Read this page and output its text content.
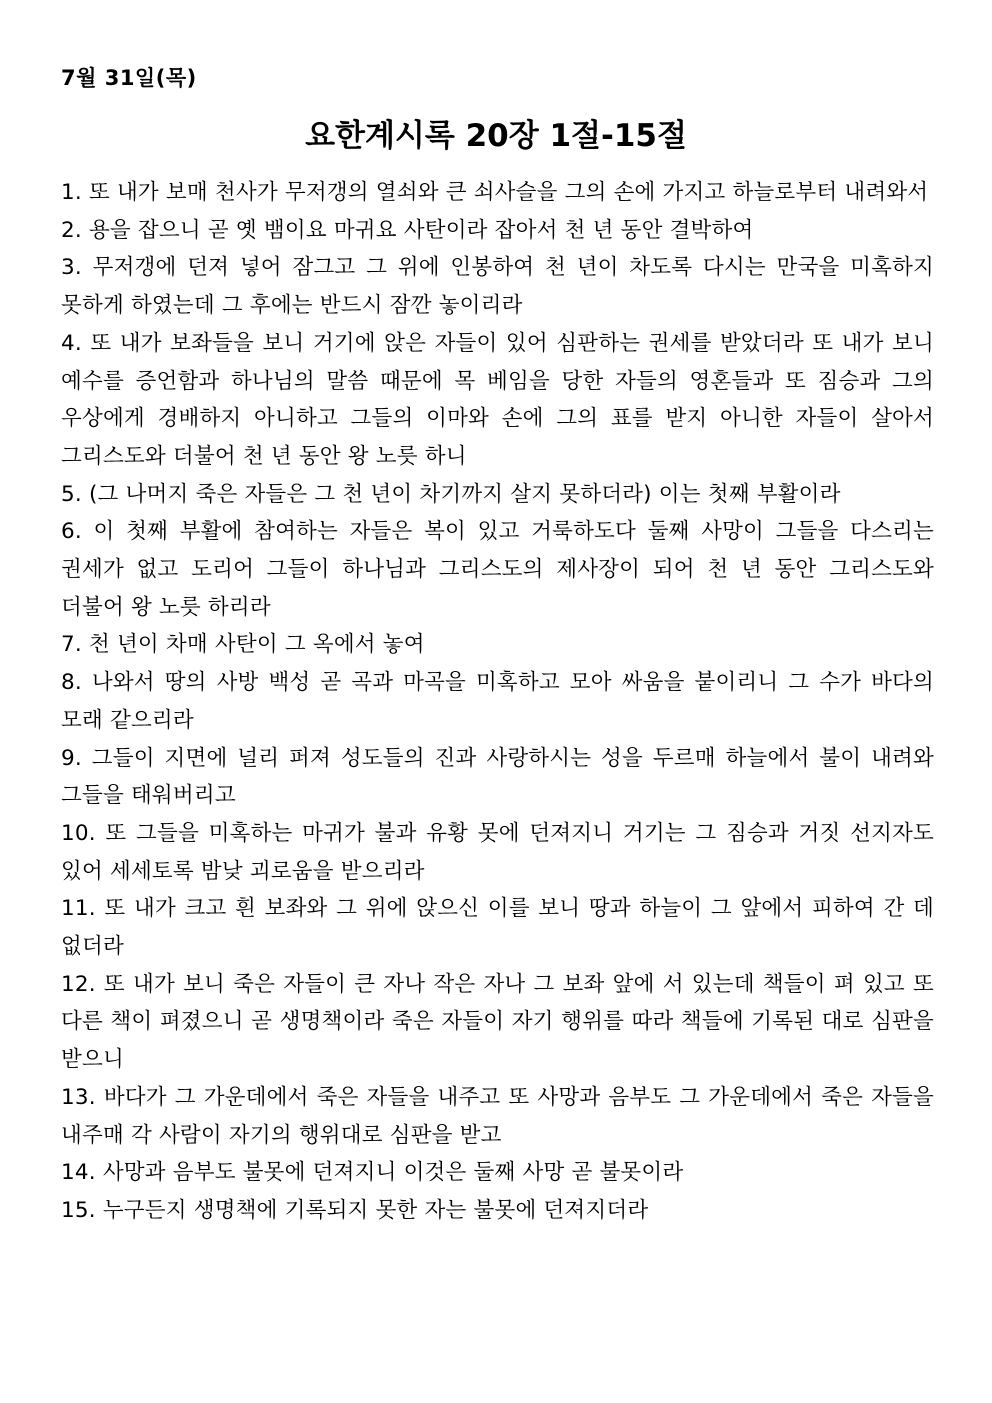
7월 31일(목)
요한계시록 20장 1절-15절
1. 또 내가 보매 천사가 무저갱의 열쇠와 큰 쇠사슬을 그의 손에 가지고 하늘로부터 내려와서
2. 용을 잡으니 곧 옛 뱀이요 마귀요 사탄이라 잡아서 천 년 동안 결박하여
3. 무저갱에 던져 넣어 잠그고 그 위에 인봉하여 천 년이 차도록 다시는 만국을 미혹하지 못하게 하였는데 그 후에는 반드시 잠깐 놓이리라
4. 또 내가 보좌들을 보니 거기에 앉은 자들이 있어 심판하는 권세를 받았더라 또 내가 보니 예수를 증언함과 하나님의 말씀 때문에 목 베임을 당한 자들의 영혼들과 또 짐승과 그의 우상에게 경배하지 아니하고 그들의 이마와 손에 그의 표를 받지 아니한 자들이 살아서 그리스도와 더불어 천 년 동안 왕 노릇 하니
5. (그 나머지 죽은 자들은 그 천 년이 차기까지 살지 못하더라) 이는 첫째 부활이라
6. 이 첫째 부활에 참여하는 자들은 복이 있고 거룩하도다 둘째 사망이 그들을 다스리는 권세가 없고 도리어 그들이 하나님과 그리스도의 제사장이 되어 천 년 동안 그리스도와 더불어 왕 노릇 하리라
7. 천 년이 차매 사탄이 그 옥에서 놓여
8. 나와서 땅의 사방 백성 곧 곡과 마곡을 미혹하고 모아 싸움을 붙이리니 그 수가 바다의 모래 같으리라
9. 그들이 지면에 널리 퍼져 성도들의 진과 사랑하시는 성을 두르매 하늘에서 불이 내려와 그들을 태워버리고
10. 또 그들을 미혹하는 마귀가 불과 유황 못에 던져지니 거기는 그 짐승과 거짓 선지자도 있어 세세토록 밤낮 괴로움을 받으리라
11. 또 내가 크고 흰 보좌와 그 위에 앉으신 이를 보니 땅과 하늘이 그 앞에서 피하여 간 데 없더라
12. 또 내가 보니 죽은 자들이 큰 자나 작은 자나 그 보좌 앞에 서 있는데 책들이 펴 있고 또 다른 책이 펴졌으니 곧 생명책이라 죽은 자들이 자기 행위를 따라 책들에 기록된 대로 심판을 받으니
13. 바다가 그 가운데에서 죽은 자들을 내주고 또 사망과 음부도 그 가운데에서 죽은 자들을 내주매 각 사람이 자기의 행위대로 심판을 받고
14. 사망과 음부도 불못에 던져지니 이것은 둘째 사망 곧 불못이라
15. 누구든지 생명책에 기록되지 못한 자는 불못에 던져지더라
